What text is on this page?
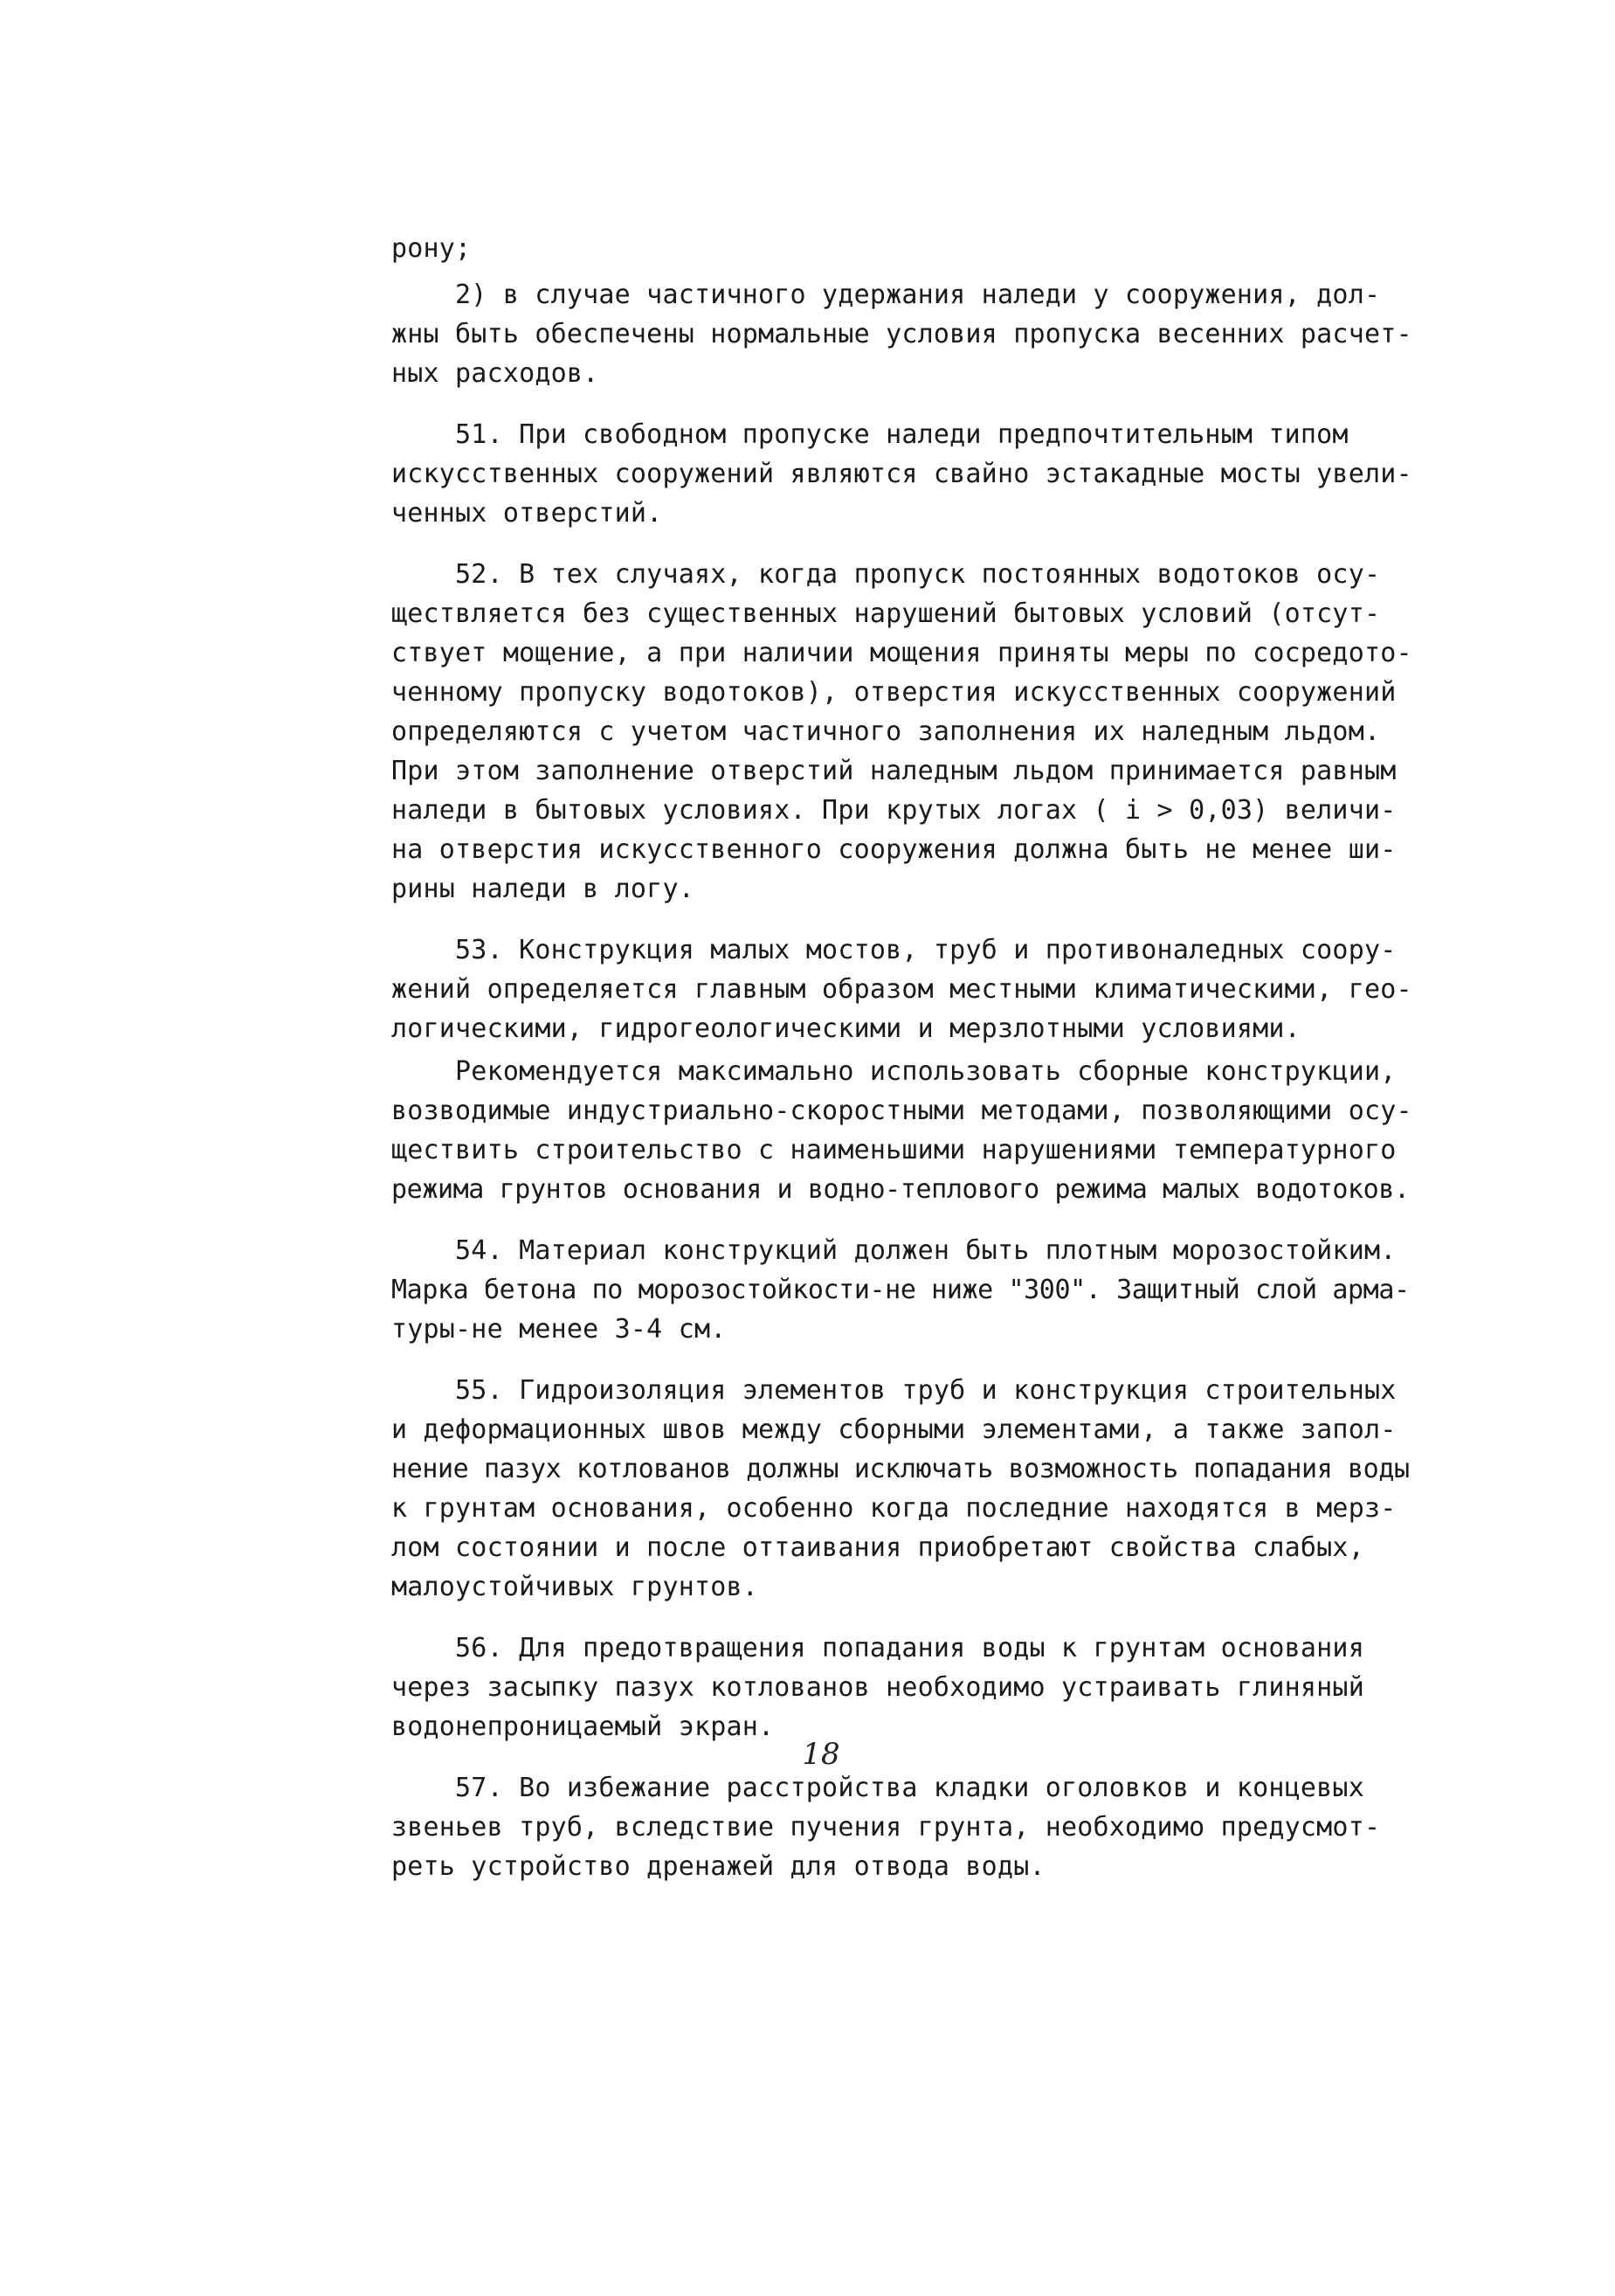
рону;
2) в случае частичного удержания наледи у сооружения, дол-
жны быть обеспечены нормальные условия пропуска весенних расчет-
ных расходов.
51. При свободном пропуске наледи предпочтительным типом
искусственных сооружений являются свайно эстакадные мосты увели-
ченных отверстий.
52. В тех случаях, когда пропуск постоянных водотоков осу-
ществляется без существенных нарушений бытовых условий (отсут-
ствует мощение, а при наличии мощения приняты меры по сосредото-
ченному пропуску водотоков), отверстия искусственных сооружений
определяются с учетом частичного заполнения их наледным льдом.
При этом заполнение отверстий наледным льдом принимается равным
наледи в бытовых условиях. При крутых логах ( i > 0,03) величи-
на отверстия искусственного сооружения должна быть не менее ши-
рины наледи в логу.
53. Конструкция малых мостов, труб и противоналедных соору-
жений определяется главным образом местными климатическими, гео-
логическими, гидрогеологическими и мерзлотными условиями.
Рекомендуется максимально использовать сборные конструкции,
возводимые индустриально-скоростными методами, позволяющими осу-
ществить строительство с наименьшими нарушениями температурного
режима грунтов основания и водно-теплового режима малых водотоков.
54. Материал конструкций должен быть плотным морозостойким.
Марка бетона по морозостойкости-не ниже "300". Защитный слой арма-
туры-не менее 3-4 см.
55. Гидроизоляция элементов труб и конструкция строительных
и деформационных швов между сборными элементами, а также запол-
нение пазух котлованов должны исключать возможность попадания воды
к грунтам основания, особенно когда последние находятся в мерз-
лом состоянии и после оттаивания приобретают свойства слабых,
малоустойчивых грунтов.
56. Для предотвращения попадания воды к грунтам основания
через засыпку пазух котлованов необходимо устраивать глиняный
водонепроницаемый экран.
57. Во избежание расстройства кладки оголовков и концевых
звеньев труб, вследствие пучения грунта, необходимо предусмот-
реть устройство дренажей для отвода воды.
18
